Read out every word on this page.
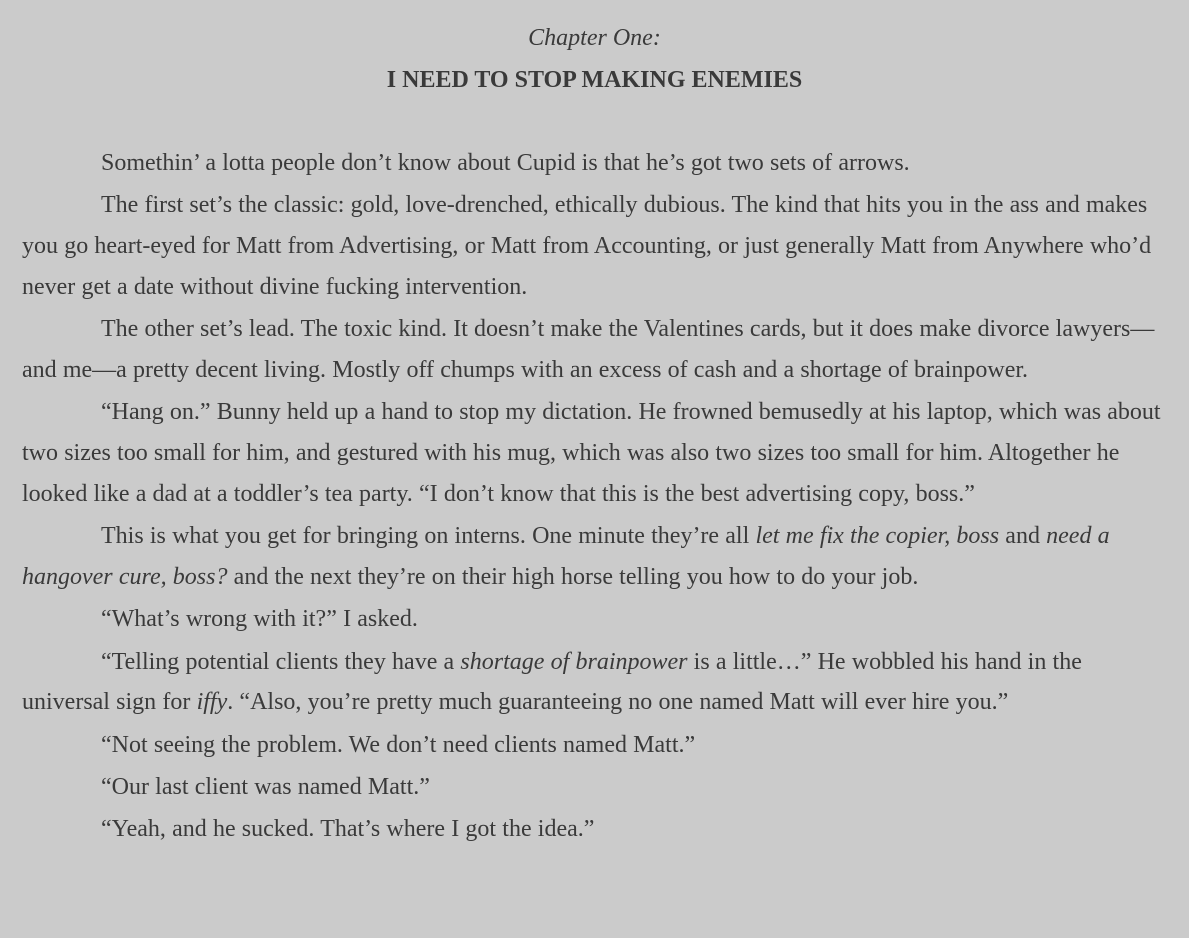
Chapter One:
I NEED TO STOP MAKING ENEMIES

Somethin’ a lotta people don’t know about Cupid is that he’s got two sets of arrows.

The first set’s the classic: gold, love-drenched, ethically dubious. The kind that hits you in the ass and makes you go heart-eyed for Matt from Advertising, or Matt from Accounting, or just generally Matt from Anywhere who’d never get a date without divine fucking intervention.

The other set’s lead. The toxic kind. It doesn’t make the Valentines cards, but it does make divorce lawyers—and me—a pretty decent living. Mostly off chumps with an excess of cash and a shortage of brainpower.

“Hang on.” Bunny held up a hand to stop my dictation. He frowned bemusedly at his laptop, which was about two sizes too small for him, and gestured with his mug, which was also two sizes too small for him. Altogether he looked like a dad at a toddler’s tea party. “I don’t know that this is the best advertising copy, boss.”

This is what you get for bringing on interns. One minute they’re all let me fix the copier, boss and need a hangover cure, boss? and the next they’re on their high horse telling you how to do your job.

“What’s wrong with it?” I asked.

“Telling potential clients they have a shortage of brainpower is a little…” He wobbled his hand in the universal sign for iffy. “Also, you’re pretty much guaranteeing no one named Matt will ever hire you.”

“Not seeing the problem. We don’t need clients named Matt.”

“Our last client was named Matt.”

“Yeah, and he sucked. That’s where I got the idea.”
